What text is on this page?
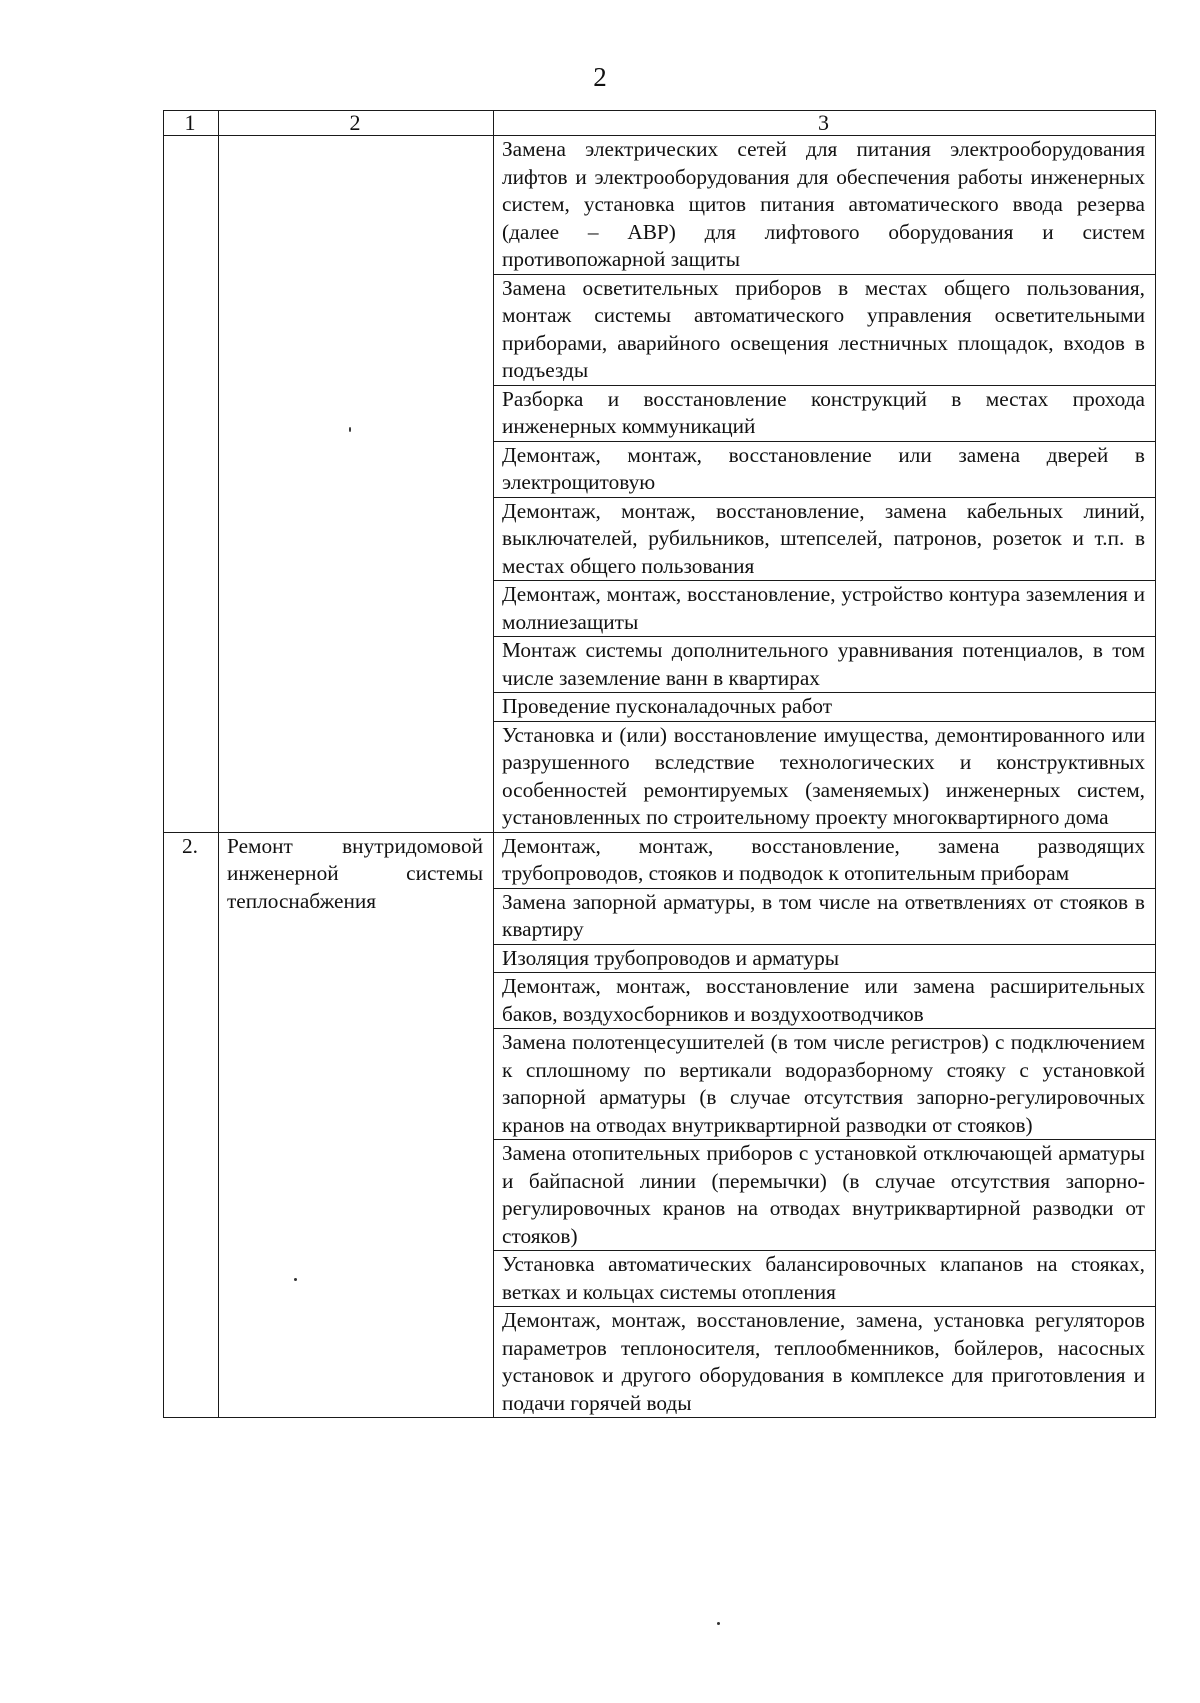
2
1	2	3

		Замена электрических сетей для питания электрооборудования лифтов и электрооборудования для обеспечения работы инженерных систем, установка щитов питания автоматического ввода резерва (далее – АВР) для лифтового оборудования и систем противопожарной защиты

		Замена осветительных приборов в местах общего пользования, монтаж системы автоматического управления осветительными приборами, аварийного освещения лестничных площадок, входов в подъезды

		Разборка и восстановление конструкций в местах прохода инженерных коммуникаций

		Демонтаж, монтаж, восстановление или замена дверей в электрощитовую

		Демонтаж, монтаж, восстановление, замена кабельных линий, выключателей, рубильников, штепселей, патронов, розеток и т.п. в местах общего пользования

		Демонтаж, монтаж, восстановление, устройство контура заземления и молниезащиты

		Монтаж системы дополнительного уравнивания потенциалов, в том числе заземление ванн в квартирах

		Проведение пусконаладочных работ

		Установка и (или) восстановление имущества, демонтированного или разрушенного вследствие технологических и конструктивных особенностей ремонтируемых (заменяемых) инженерных систем, установленных по строительному проекту многоквартирного дома

2.	Ремонт внутридомовой инженерной системы теплоснабжения	Демонтаж, монтаж, восстановление, замена разводящих трубопроводов, стояков и подводок к отопительным приборам

		Замена запорной арматуры, в том числе на ответвлениях от стояков в квартиру

		Изоляция трубопроводов и арматуры

		Демонтаж, монтаж, восстановление или замена расширительных баков, воздухосборников и воздухоотводчиков

		Замена полотенцесушителей (в том числе регистров) с подключением к сплошному по вертикали водоразборному стояку с установкой запорной арматуры (в случае отсутствия запорно-регулировочных кранов на отводах внутриквартирной разводки от стояков)

		Замена отопительных приборов с установкой отключающей арматуры и байпасной линии (перемычки) (в случае отсутствия запорно-регулировочных кранов на отводах внутриквартирной разводки от стояков)

		Установка автоматических балансировочных клапанов на стояках, ветках и кольцах системы отопления

		Демонтаж, монтаж, восстановление, замена, установка регуляторов параметров теплоносителя, теплообменников, бойлеров, насосных установок и другого оборудования в комплексе для приготовления и подачи горячей воды
